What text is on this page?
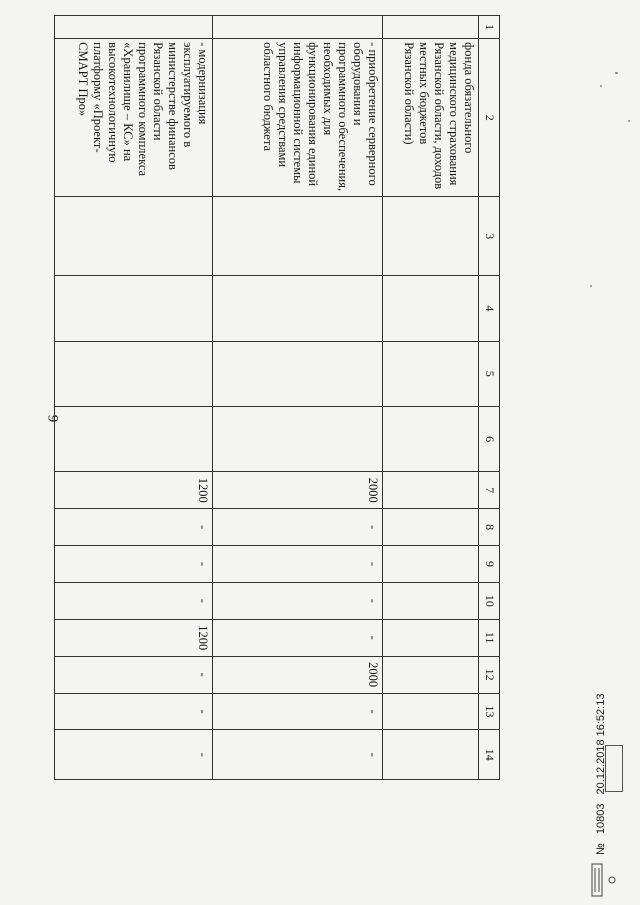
9
1	2	3	4	5	6	7	8	9	10	11	12	13	14
	фонда обязательного медицинского страхования Рязанской области, доходов местных бюджетов Рязанской области)												
	- приобретение серверного оборудования и программного обеспечения, необходимых для функционирования единой информационной системы управления средствами областного бюджета					2000	-	-	-	-	2000	-	-
	- модернизация эксплуатируемого в министерстве финансов Рязанской области программного комплекса «Хранилище – КС» на высокотехнологичную платформу «Проект-СМАРТ Про»					1200	-	-	-	1200	-	-	-
№ 10803 20.12.2018 16:52:13
